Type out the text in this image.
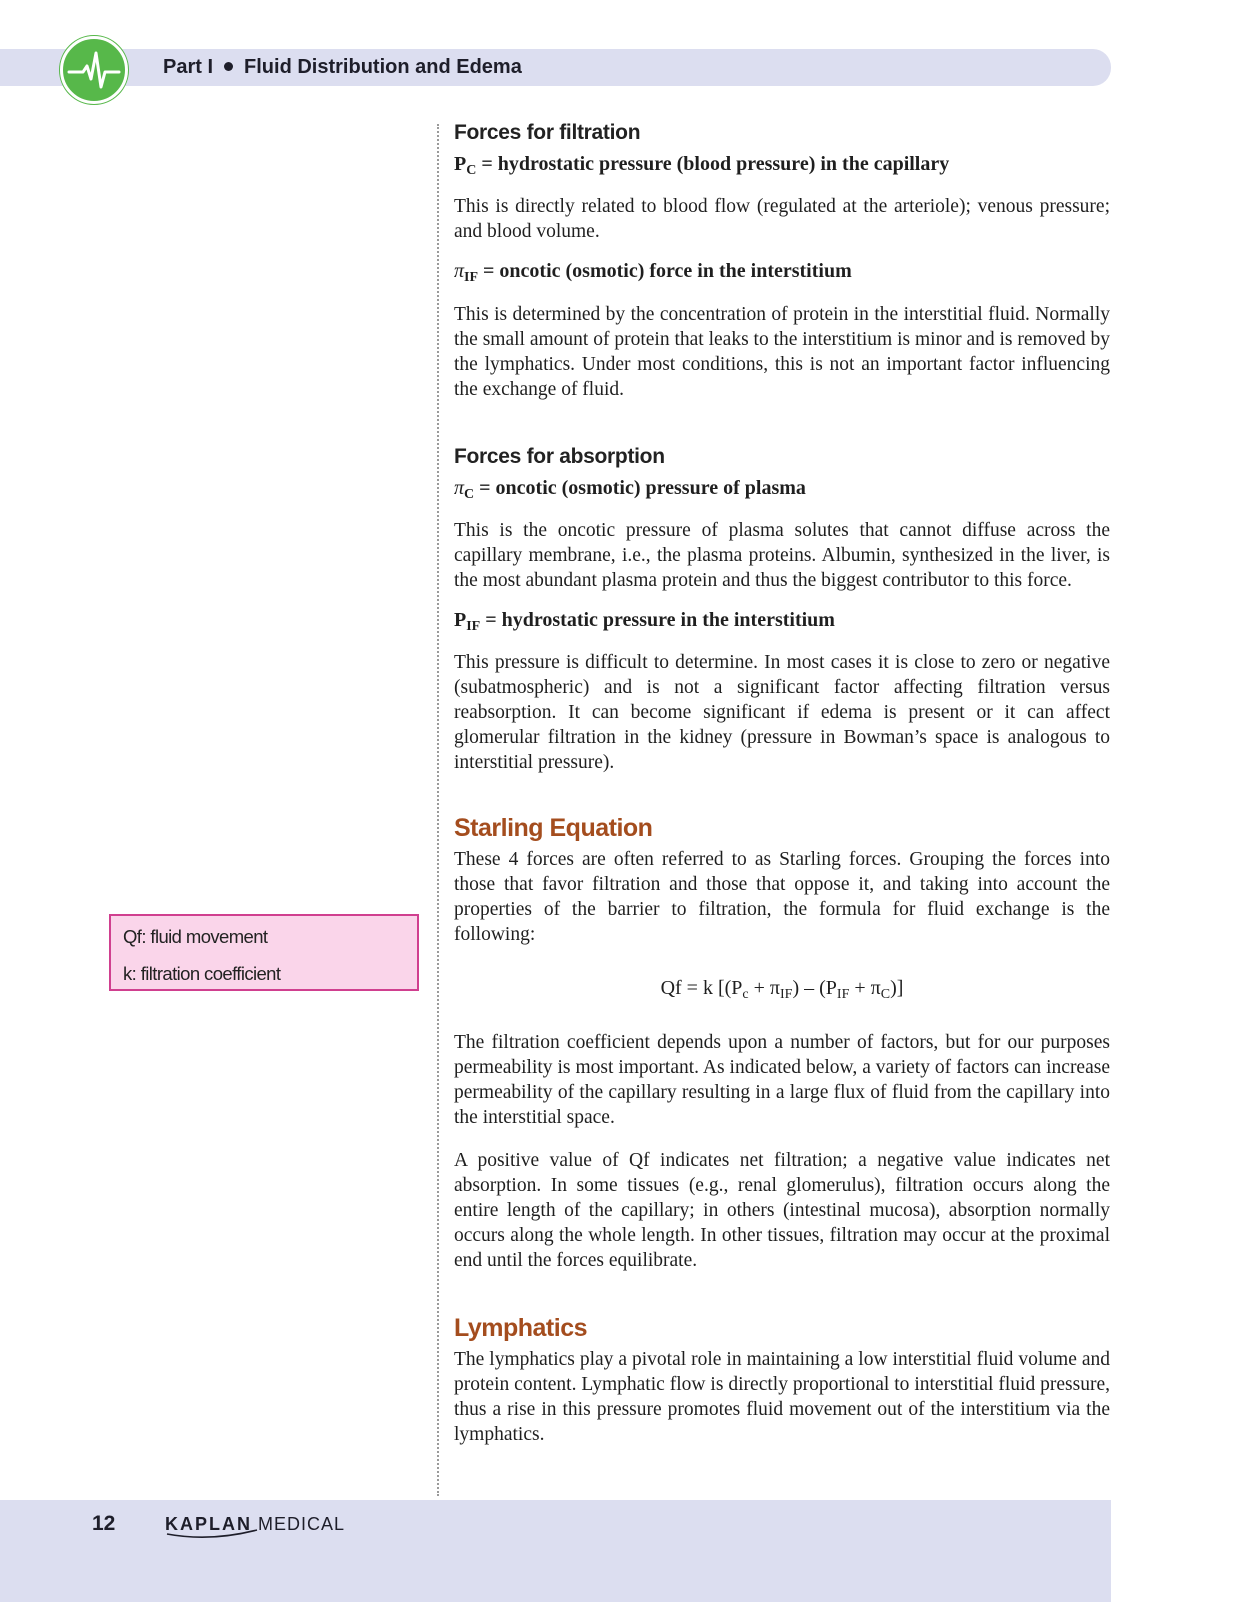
Part I Fluid Distribution and Edema
Qf: fluid movement
k: filtration coefficient
Forces for filtration

$P_C$ = hydrostatic pressure (blood pressure) in the capillary

This is directly related to blood flow (regulated at the arteriole); venous pressure; and blood volume.

$\pi_{IF}$ = oncotic (osmotic) force in the interstitium

This is determined by the concentration of protein in the interstitial fluid. Normally the small amount of protein that leaks to the interstitium is minor and is removed by the lymphatics. Under most conditions, this is not an important factor influencing the exchange of fluid.

Forces for absorption

$\pi_C$ = oncotic (osmotic) pressure of plasma

This is the oncotic pressure of plasma solutes that cannot diffuse across the capillary membrane, i.e., the plasma proteins. Albumin, synthesized in the liver, is the most abundant plasma protein and thus the biggest contributor to this force.

$P_{IF}$ = hydrostatic pressure in the interstitium

This pressure is difficult to determine. In most cases it is close to zero or negative (subatmospheric) and is not a significant factor affecting filtration versus reabsorption. It can become significant if edema is present or it can affect glomerular filtration in the kidney (pressure in Bowman’s space is analogous to interstitial pressure).

Starling Equation

These 4 forces are often referred to as Starling forces. Grouping the forces into those that favor filtration and those that oppose it, and taking into account the properties of the barrier to filtration, the formula for fluid exchange is the following:

Qf = k $[(P_c + \pi_{IF}) - (P_{IF} + \pi_C)]$

The filtration coefficient depends upon a number of factors, but for our purposes permeability is most important. As indicated below, a variety of factors can increase permeability of the capillary resulting in a large flux of fluid from the capillary into the interstitial space.

A positive value of Qf indicates net filtration; a negative value indicates net absorption. In some tissues (e.g., renal glomerulus), filtration occurs along the entire length of the capillary; in others (intestinal mucosa), absorption normally occurs along the whole length. In other tissues, filtration may occur at the proximal end until the forces equilibrate.

Lymphatics

The lymphatics play a pivotal role in maintaining a low interstitial fluid volume and protein content. Lymphatic flow is directly proportional to interstitial fluid pressure, thus a rise in this pressure promotes fluid movement out of the interstitium via the lymphatics.

12	KAPLAN MEDICAL
